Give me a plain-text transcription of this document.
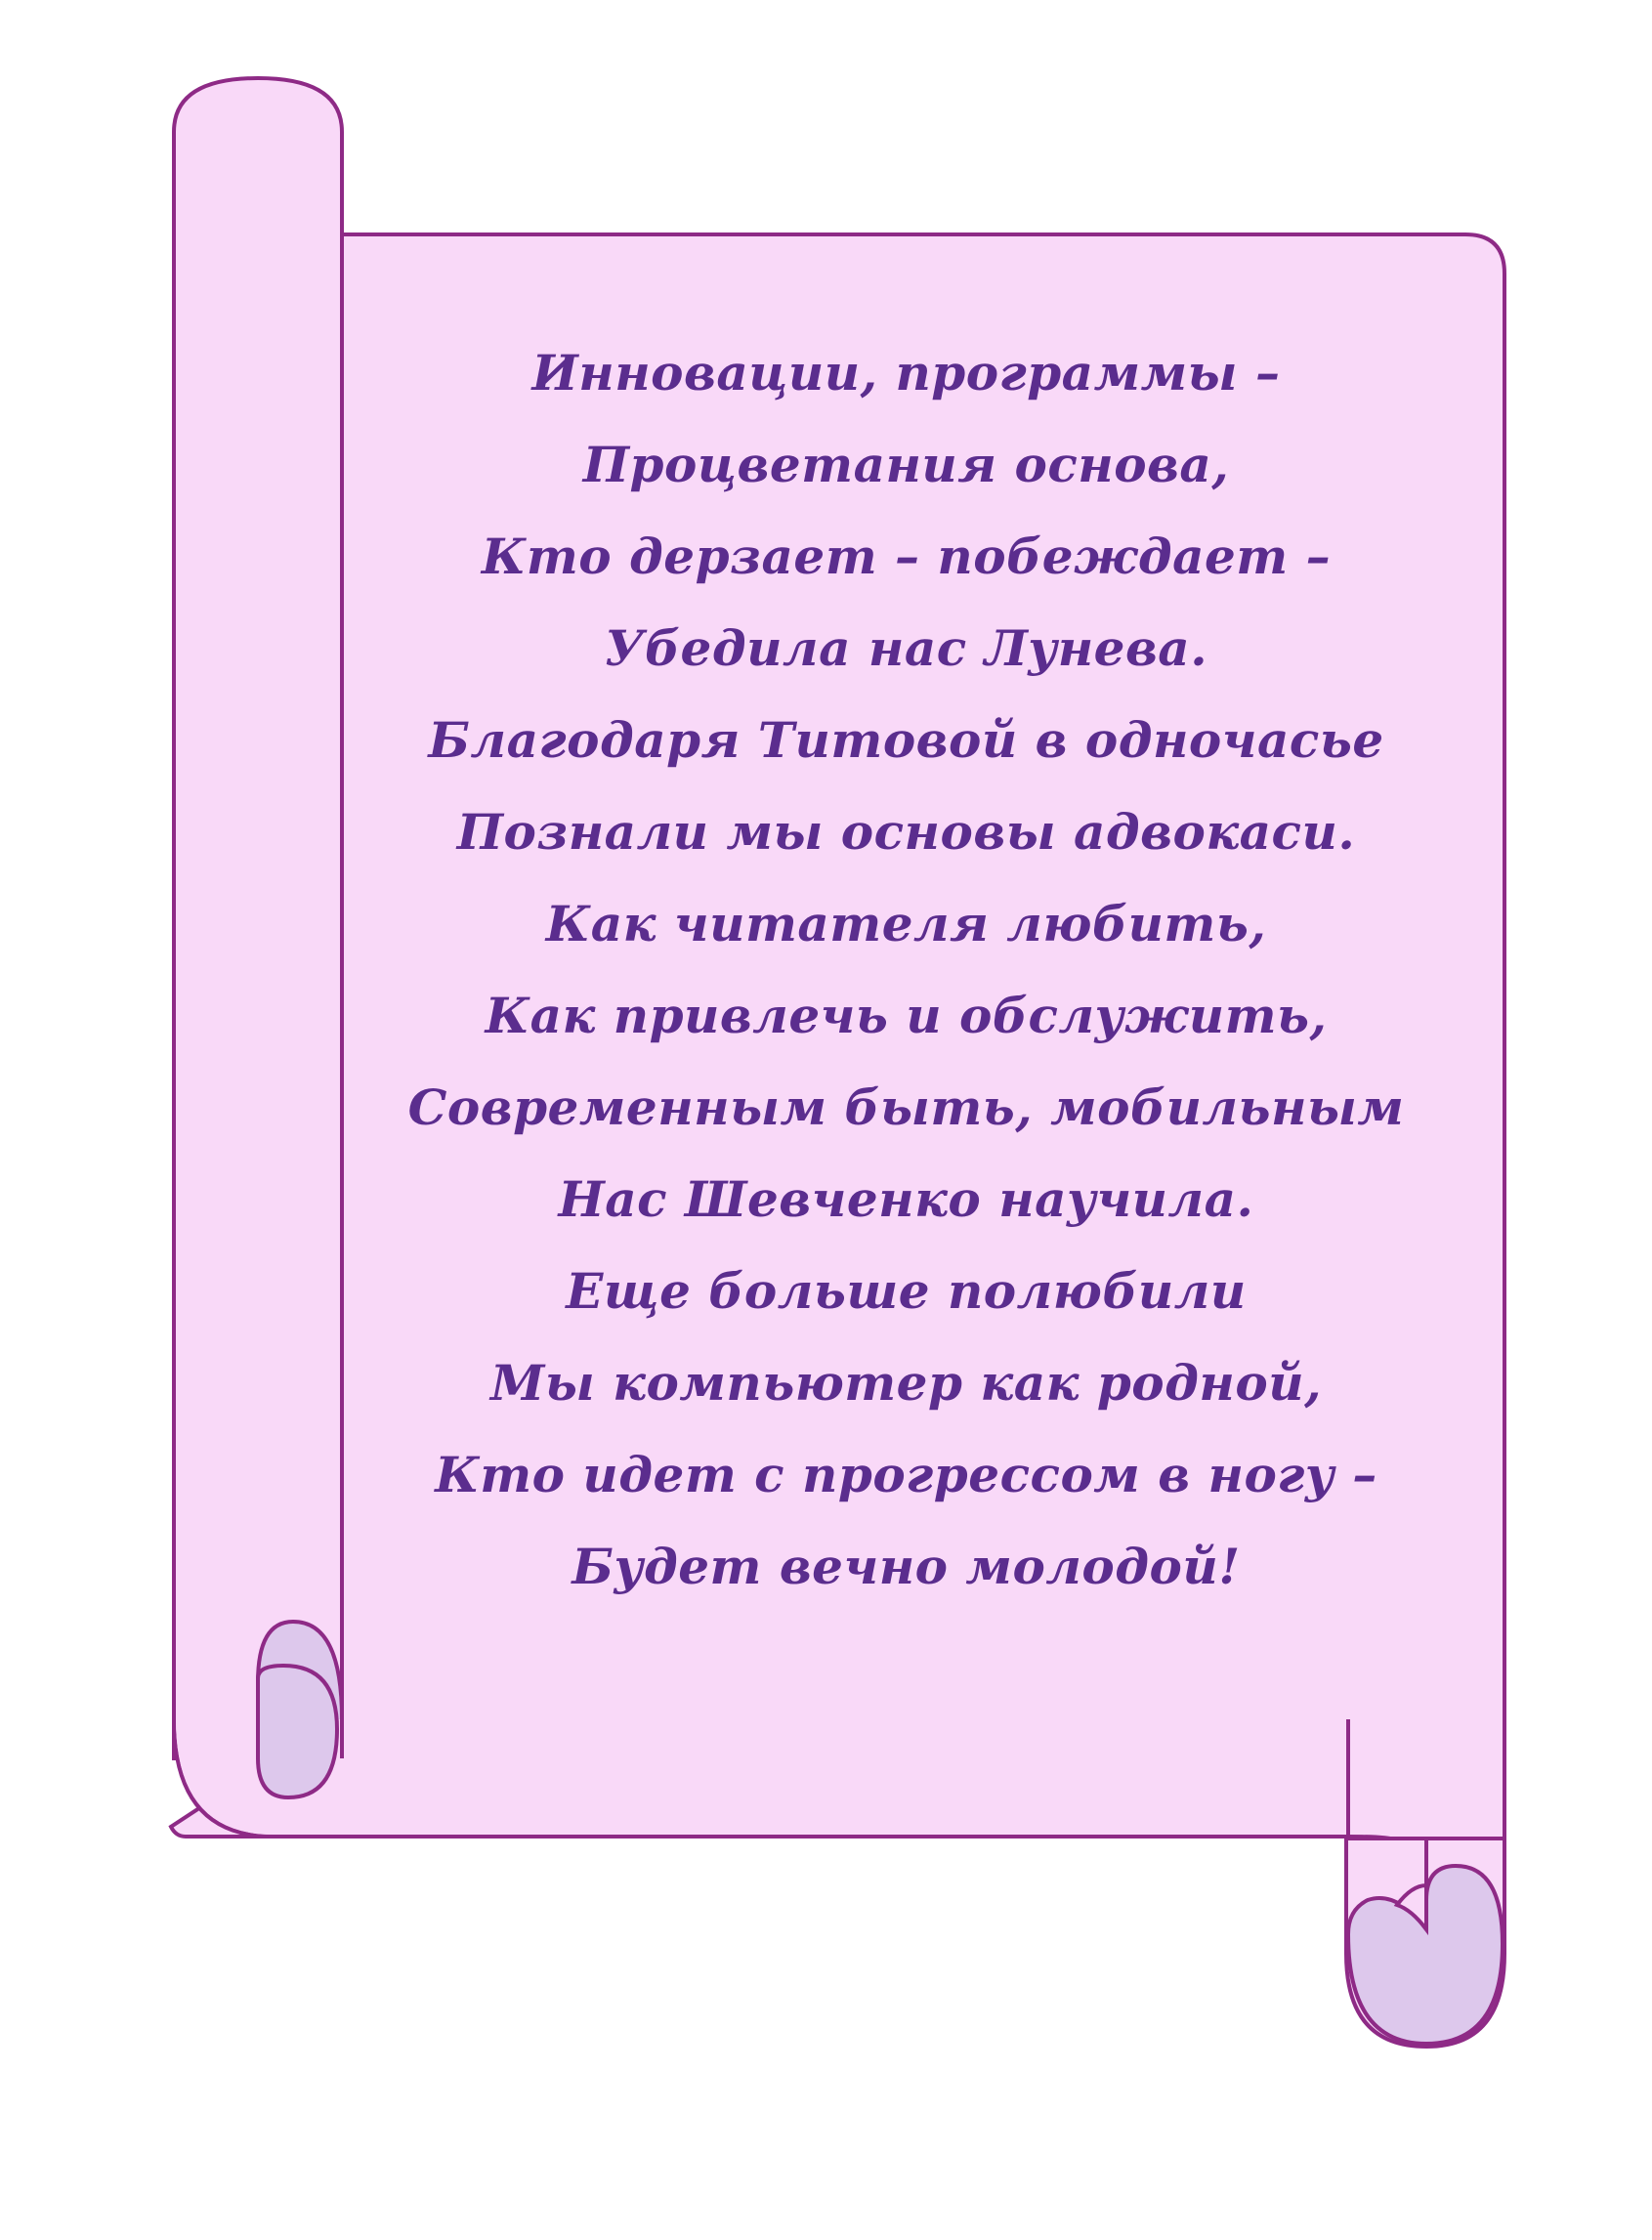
Инновации, программы –
Процветания основа,
Кто дерзает – побеждает –
Убедила нас Лунева.
Благодаря Титовой в одночасье
Познали мы основы адвокаси.
Как читателя любить,
Как привлечь и обслужить,
Современным быть, мобильным
Нас Шевченко научила.
Еще больше полюбили
Мы компьютер как родной,
Кто идет с прогрессом в ногу –
Будет вечно молодой!
